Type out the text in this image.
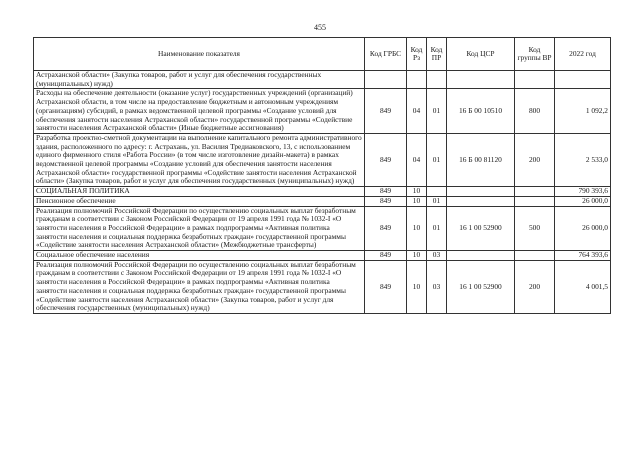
455
Наименование показателя	Код ГРБС	Код Рз	Код ПР	Код ЦСР	Код группы ВР	2022 год
Астраханской области» (Закупка товаров, работ и услуг для обеспечения государственных (муниципальных) нужд)						
Расходы на обеспечение деятельности (оказание услуг) государственных учреждений (организаций) Астраханской области, в том числе на предоставление бюджетным и автономным учреждениям (организациям) субсидий, в рамках ведомственной целевой программы «Создание условий для обеспечения занятости населения Астраханской области» государственной программы «Содействие занятости населения Астраханской области» (Иные бюджетные ассигнования)	849	04	01	16 Б 00 10510	800	1 092,2
Разработка проектно-сметной документации на выполнение капитального ремонта административного здания, расположенного по адресу: г. Астрахань, ул. Василия Тредиаковского, 13, с использованием единого фирменного стиля «Работа России» (в том числе изготовление дизайн-макета) в рамках ведомственной целевой программы «Создание условий для обеспечения занятости населения Астраханской области» государственной программы «Содействие занятости населения Астраханской области» (Закупка товаров, работ и услуг для обеспечения государственных (муниципальных) нужд)	849	04	01	16 Б 00 81120	200	2 533,0
СОЦИАЛЬНАЯ ПОЛИТИКА	849	10				790 393,6
Пенсионное обеспечение	849	10	01			26 000,0
Реализация полномочий Российской Федерации по осуществлению социальных выплат безработным гражданам в соответствии с Законом Российской Федерации от 19 апреля 1991 года № 1032-I «О занятости населения в Российской Федерации» в рамках подпрограммы «Активная политика занятости населения и социальная поддержка безработных граждан» государственной программы «Содействие занятости населения Астраханской области» (Межбюджетные трансферты)	849	10	01	16 1 00 52900	500	26 000,0
Социальное обеспечение населения	849	10	03			764 393,6
Реализация полномочий Российской Федерации по осуществлению социальных выплат безработным гражданам в соответствии с Законом Российской Федерации от 19 апреля 1991 года № 1032-I «О занятости населения в Российской Федерации» в рамках подпрограммы «Активная политика занятости населения и социальная поддержка безработных граждан» государственной программы «Содействие занятости населения Астраханской области» (Закупка товаров, работ и услуг для обеспечения государственных (муниципальных) нужд)	849	10	03	16 1 00 52900	200	4 001,5
